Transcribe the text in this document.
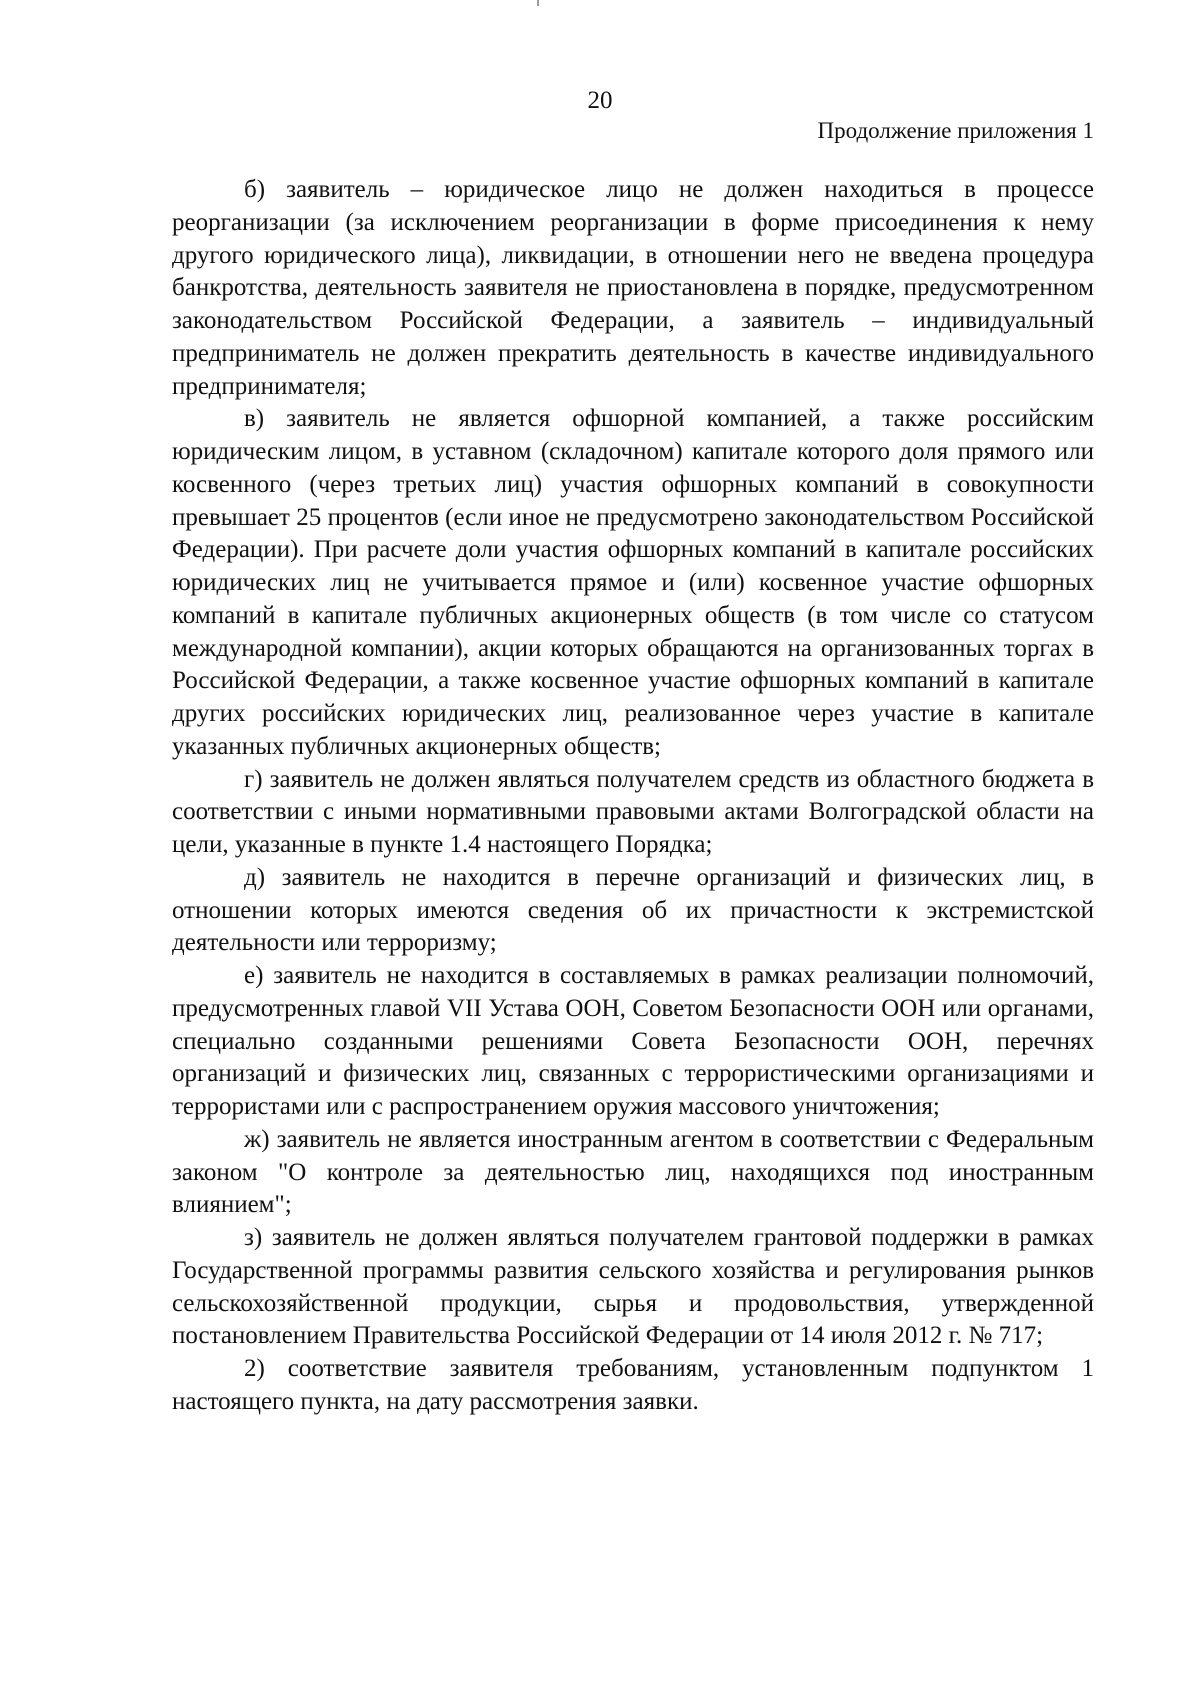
20
Продолжение приложения 1

б) заявитель – юридическое лицо не должен находиться в процессе реорганизации (за исключением реорганизации в форме присоединения к нему другого юридического лица), ликвидации, в отношении него не введена процедура банкротства, деятельность заявителя не приостановлена в порядке, предусмотренном законодательством Российской Федерации, а заявитель – индивидуальный предприниматель не должен прекратить деятельность в качестве индивидуального предпринимателя;

в) заявитель не является офшорной компанией, а также российским юридическим лицом, в уставном (складочном) капитале которого доля прямого или косвенного (через третьих лиц) участия офшорных компаний в совокупности превышает 25 процентов (если иное не предусмотрено законодательством Российской Федерации). При расчете доли участия офшорных компаний в капитале российских юридических лиц не учитывается прямое и (или) косвенное участие офшорных компаний в капитале публичных акционерных обществ (в том числе со статусом международной компании), акции которых обращаются на организованных торгах в Российской Федерации, а также косвенное участие офшорных компаний в капитале других российских юридических лиц, реализованное через участие в капитале указанных публичных акционерных обществ;

г) заявитель не должен являться получателем средств из областного бюджета в соответствии с иными нормативными правовыми актами Волгоградской области на цели, указанные в пункте 1.4 настоящего Порядка;

д) заявитель не находится в перечне организаций и физических лиц, в отношении которых имеются сведения об их причастности к экстремистской деятельности или терроризму;

е) заявитель не находится в составляемых в рамках реализации полномочий, предусмотренных главой VII Устава ООН, Советом Безопасности ООН или органами, специально созданными решениями Совета Безопасности ООН, перечнях организаций и физических лиц, связанных с террористическими организациями и террористами или с распространением оружия массового уничтожения;

ж) заявитель не является иностранным агентом в соответствии с Федеральным законом "О контроле за деятельностью лиц, находящихся под иностранным влиянием";

з) заявитель не должен являться получателем грантовой поддержки в рамках Государственной программы развития сельского хозяйства и регулирования рынков сельскохозяйственной продукции, сырья и продовольствия, утвержденной постановлением Правительства Российской Федерации от 14 июля 2012 г. № 717;

2) соответствие заявителя требованиям, установленным подпунктом 1 настоящего пункта, на дату рассмотрения заявки.
